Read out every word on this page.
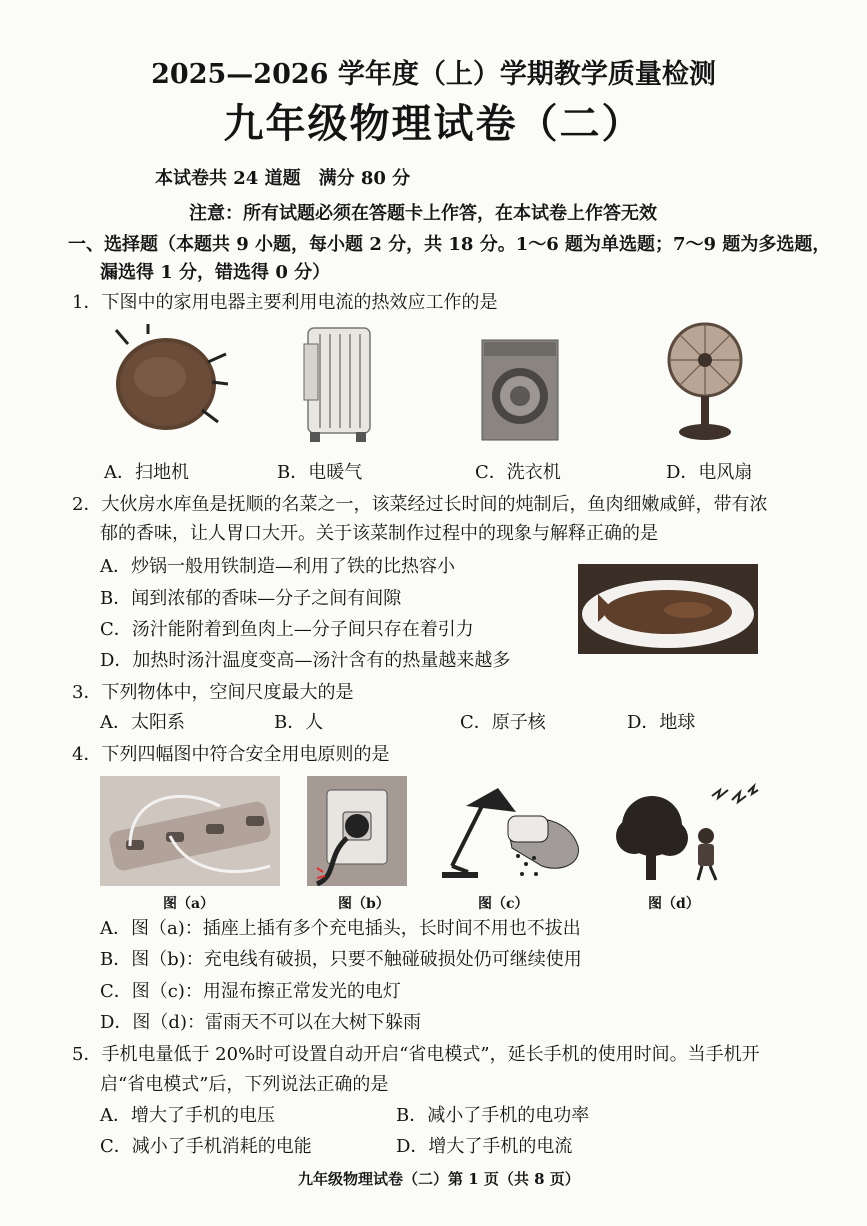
2025—2026 学年度（上）学期教学质量检测
九年级物理试卷（二）
本试卷共 24 道题　满分 80 分
注意：所有试题必须在答题卡上作答，在本试卷上作答无效
一、选择题（本题共 9 小题，每小题 2 分，共 18 分。1～6 题为单选题；7～9 题为多选题，
漏选得 1 分，错选得 0 分）
1．下图中的家用电器主要利用电流的热效应工作的是
A．扫地机	B．电暖气	C．洗衣机	D．电风扇
2．大伙房水库鱼是抚顺的名菜之一，该菜经过长时间的炖制后，鱼肉细嫩咸鲜，带有浓
郁的香味，让人胃口大开。关于该菜制作过程中的现象与解释正确的是
A．炒锅一般用铁制造—利用了铁的比热容小
B．闻到浓郁的香味—分子之间有间隙
C．汤汁能附着到鱼肉上—分子间只存在着引力
D．加热时汤汁温度变高—汤汁含有的热量越来越多
3．下列物体中，空间尺度最大的是
A．太阳系	B．人	C．原子核	D．地球
4．下列四幅图中符合安全用电原则的是
图（a）	图（b）	图（c）	图（d）
A．图（a)：插座上插有多个充电插头，长时间不用也不拔出
B．图（b)：充电线有破损，只要不触碰破损处仍可继续使用
C．图（c)：用湿布擦正常发光的电灯
D．图（d)：雷雨天不可以在大树下躲雨
5．手机电量低于 20%时可设置自动开启“省电模式”，延长手机的使用时间。当手机开
启“省电模式”后，下列说法正确的是
A．增大了手机的电压	B．减小了手机的电功率
C．减小了手机消耗的电能	D．增大了手机的电流
九年级物理试卷（二）第 1 页（共 8 页）
